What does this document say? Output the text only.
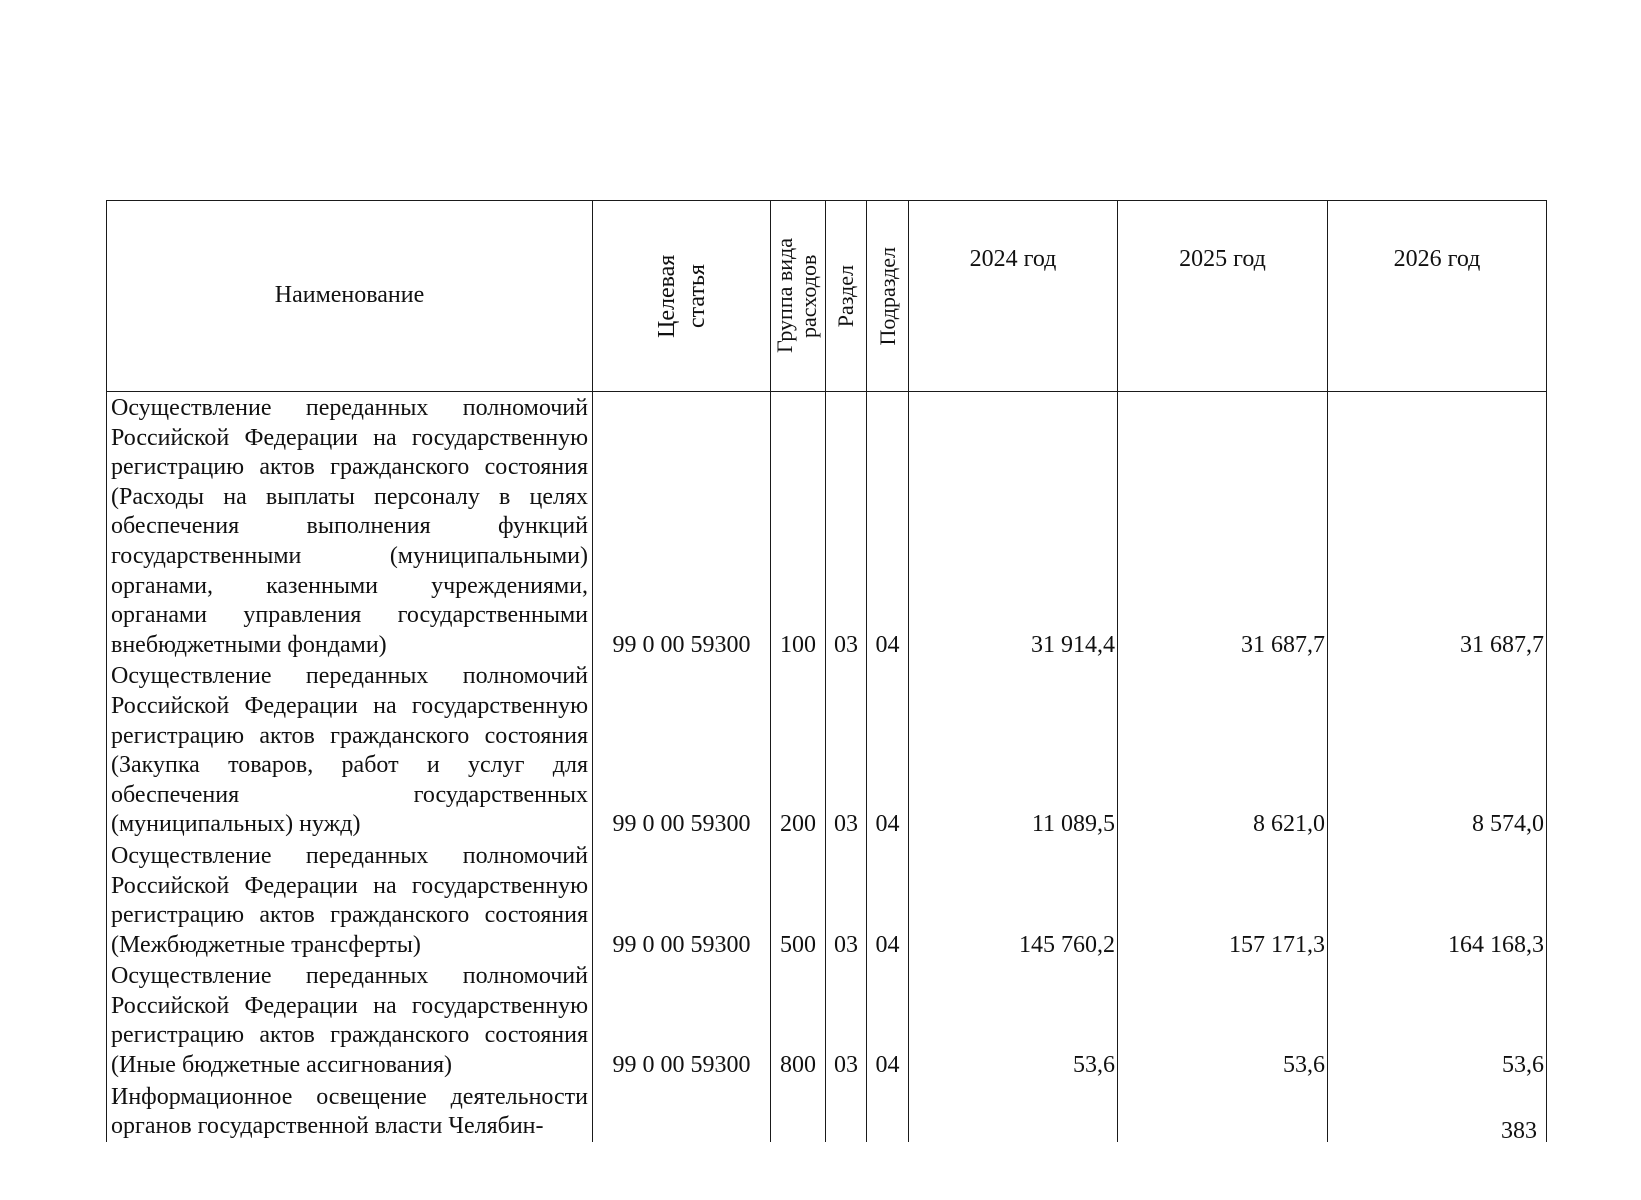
Наименование	Целевая статья	Группа вида расходов	Раздел	Подраздел	2024 год	2025 год	2026 год

Осуществление переданных полномочий Российской Федерации на государственную регистрацию актов гражданского состояния (Расходы на выплаты персоналу в целях обеспечения выполнения функций государственными (муниципальными) органами, казенными учреждениями, органами управления государственными внебюджетными фондами)	99 0 00 59300	100	03	04	31 914,4	31 687,7	31 687,7

Осуществление переданных полномочий Российской Федерации на государственную регистрацию актов гражданского состояния (Закупка товаров, работ и услуг для обеспечения государственных (муниципальных) нужд)	99 0 00 59300	200	03	04	11 089,5	8 621,0	8 574,0

Осуществление переданных полномочий Российской Федерации на государственную регистрацию актов гражданского состояния (Межбюджетные трансферты)	99 0 00 59300	500	03	04	145 760,2	157 171,3	164 168,3

Осуществление переданных полномочий Российской Федерации на государственную регистрацию актов гражданского состояния (Иные бюджетные ассигнования)	99 0 00 59300	800	03	04	53,6	53,6	53,6

Информационное освещение деятельности органов государственной власти Челябин-							
								383
